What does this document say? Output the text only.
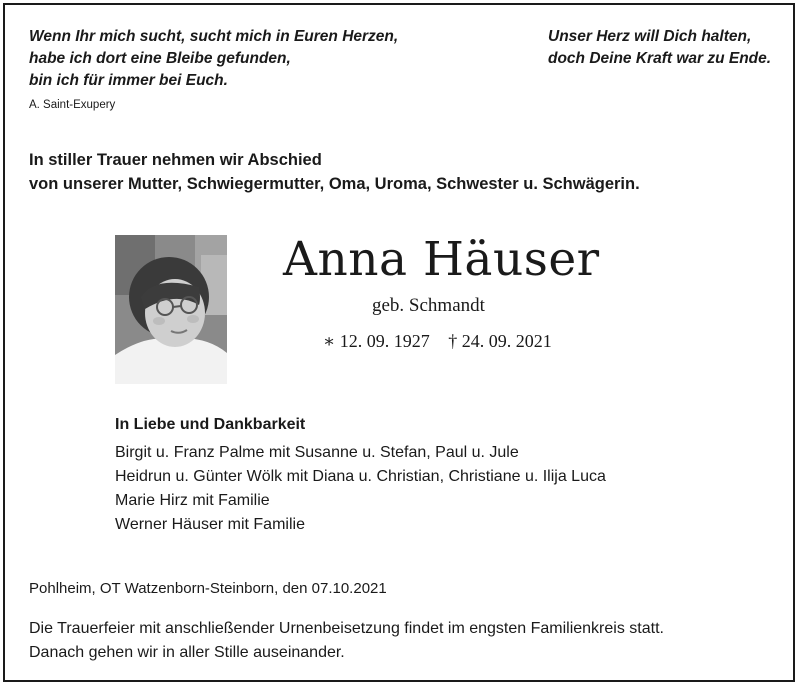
Wenn Ihr mich sucht, sucht mich in Euren Herzen,
habe ich dort eine Bleibe gefunden,
bin ich für immer bei Euch.
A. Saint-Exupery
Unser Herz will Dich halten,
doch Deine Kraft war zu Ende.
In stiller Trauer nehmen wir Abschied
von unserer Mutter, Schwiegermutter, Oma, Uroma, Schwester u. Schwägerin.
Anna Häuser
geb. Schmandt
∗ 12. 09. 1927 † 24. 09. 2021
In Liebe und Dankbarkeit
Birgit u. Franz Palme mit Susanne u. Stefan, Paul u. Jule
Heidrun u. Günter Wölk mit Diana u. Christian, Christiane u. Ilija Luca
Marie Hirz mit Familie
Werner Häuser mit Familie
Pohlheim, OT Watzenborn-Steinborn, den 07.10.2021
Die Trauerfeier mit anschließender Urnenbeisetzung findet im engsten Familienkreis statt.
Danach gehen wir in aller Stille auseinander.
